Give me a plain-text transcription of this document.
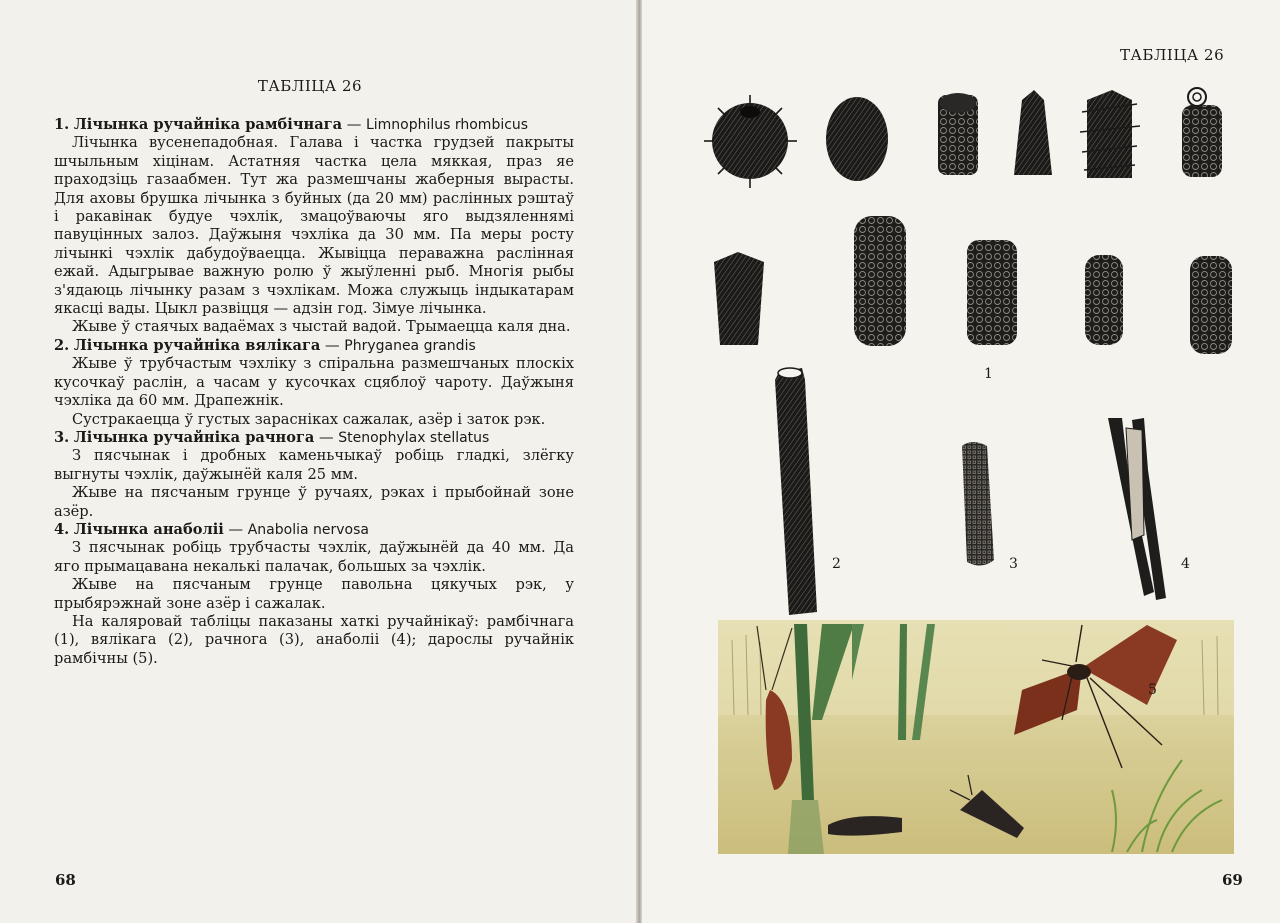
ТАБЛІЦА 26

1. Лічынка ручайніка рамбічнага — Limnophilus rhombicus

Лічынка вусенепадобная. Галава і частка грудзей пакрыты шчыльным хіцінам. Астатняя частка цела мяккая, праз яе праходзіць газаабмен. Тут жа размешчаны жаберныя вырасты. Для аховы брушка лічынка з буйных (да 20 мм) раслінных рэштаў і ракавінак будуе чэхлік, змацоўваючы яго выдзяленнямі павуцінных залоз. Даўжыня чэхліка да 30 мм. Па меры росту лічынкі чэхлік дабудоўваецца. Жывіцца пераважна раслінная ежай. Адыгрывае важную ролю ў жыўленні рыб. Многія рыбы з'ядаюць лічынку разам з чэхлікам. Можа служыць індыкатарам якасці вады. Цыкл развіцця — адзін год. Зімуе лічынка.

Жыве ў стаячых вадаёмах з чыстай вадой. Трымаецца каля дна.

2. Лічынка ручайніка вялікага — Phryganea grandis

Жыве ў трубчастым чэхліку з спіральна размешчаных плоскіх кусочкаў раслін, а часам у кусочках сцяблоў чароту. Даўжыня чэхліка да 60 мм. Драпежнік.

Сустракаецца ў густых зарасніках сажалак, азёр і заток рэк.

3. Лічынка ручайніка рачнога — Stenophylax stellatus

З пясчынак і дробных каменьчыкаў робіць гладкі, злёгку выгнуты чэхлік, даўжынёй каля 25 мм.

Жыве на пясчаным грунце ў ручаях, рэках і прыбойнай зоне азёр.

4. Лічынка анаболіі — Anabolia nervosa

З пясчынак робіць трубчасты чэхлік, даўжынёй да 40 мм. Да яго прымацавана некалькі палачак, большых за чэхлік.

Жыве на пясчаным грунце павольна цякучых рэк, у прыбярэжнай зоне азёр і сажалак.

На каляровай табліцы паказаны хаткі ручайнікаў: рамбічнага (1), вялікага (2), рачнога (3), анаболіі (4); дарослы ручайнік рамбічны (5).

68
ТАБЛІЦА 26
1
2	3	4
5
69
